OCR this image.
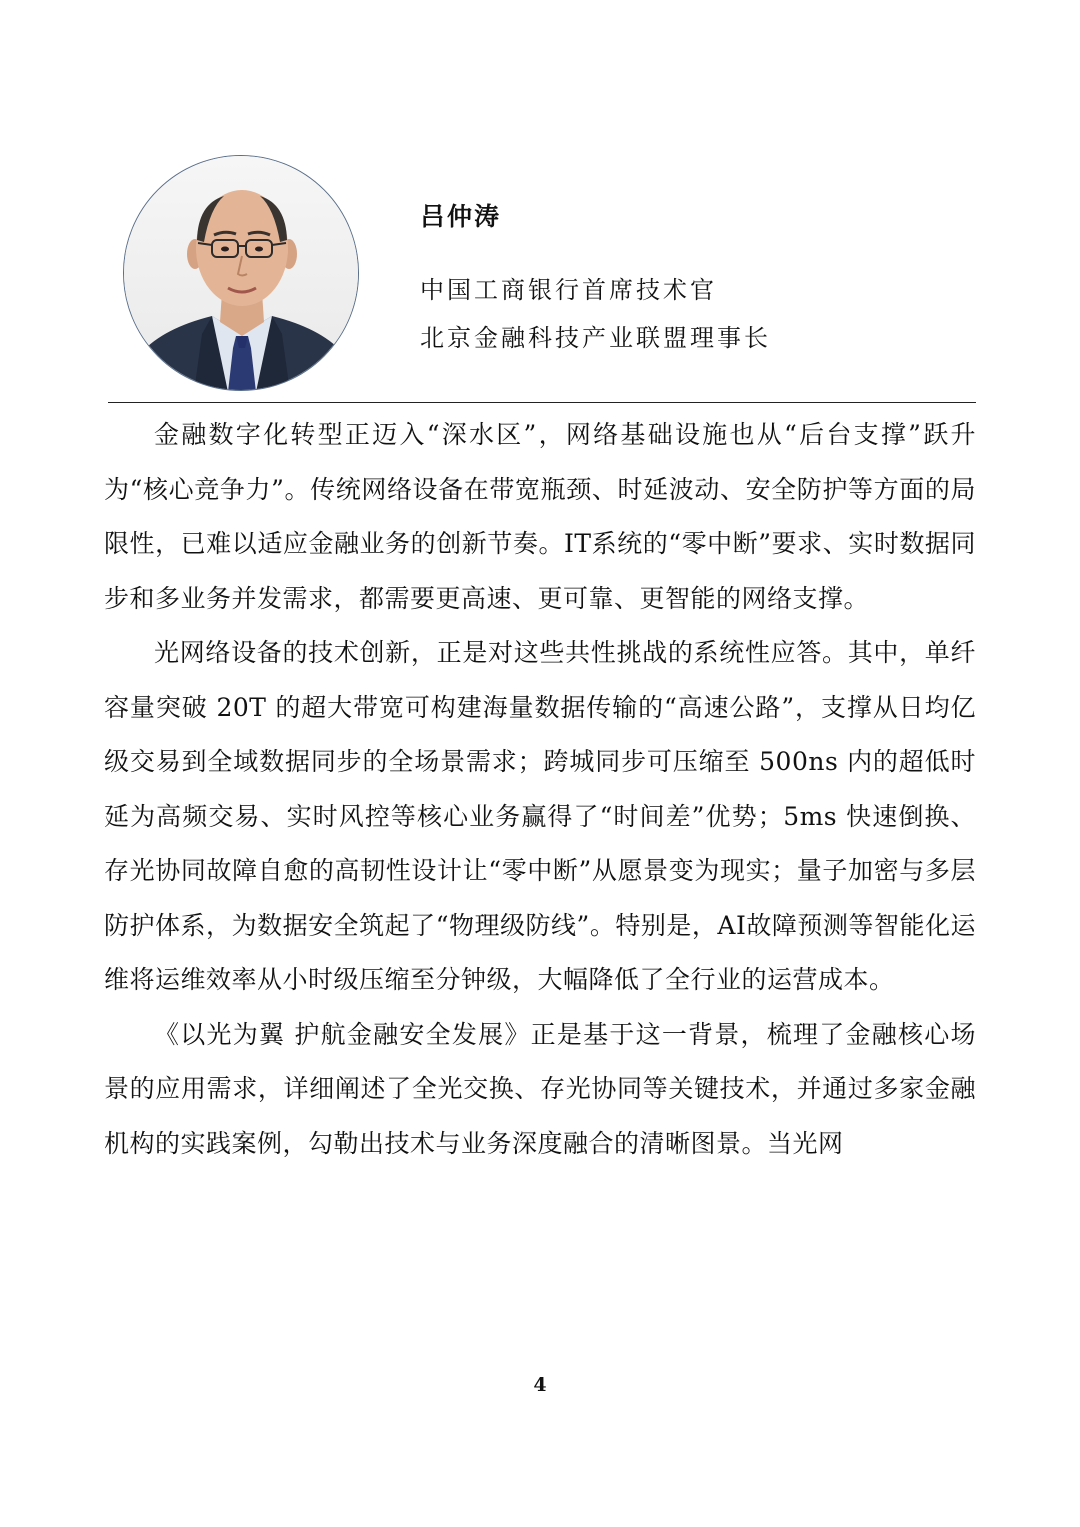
吕仲涛
中国工商银行首席技术官
北京金融科技产业联盟理事长

金融数字化转型正迈入“深水区”，网络基础设施也从“后台支撑”跃升为“核心竞争力”。传统网络设备在带宽瓶颈、时延波动、安全防护等方面的局限性，已难以适应金融业务的创新节奏。IT系统的“零中断”要求、实时数据同步和多业务并发需求，都需要更高速、更可靠、更智能的网络支撑。

光网络设备的技术创新，正是对这些共性挑战的系统性应答。其中，单纤容量突破 20T 的超大带宽可构建海量数据传输的“高速公路”，支撑从日均亿级交易到全域数据同步的全场景需求；跨城同步可压缩至 500ns 内的超低时延为高频交易、实时风控等核心业务赢得了“时间差”优势；5ms 快速倒换、存光协同故障自愈的高韧性设计让“零中断”从愿景变为现实；量子加密与多层防护体系，为数据安全筑起了“物理级防线”。特别是，AI故障预测等智能化运维将运维效率从小时级压缩至分钟级，大幅降低了全行业的运营成本。

《以光为翼 护航金融安全发展》正是基于这一背景，梳理了金融核心场景的应用需求，详细阐述了全光交换、存光协同等关键技术，并通过多家金融机构的实践案例，勾勒出技术与业务深度融合的清晰图景。当光网

4
